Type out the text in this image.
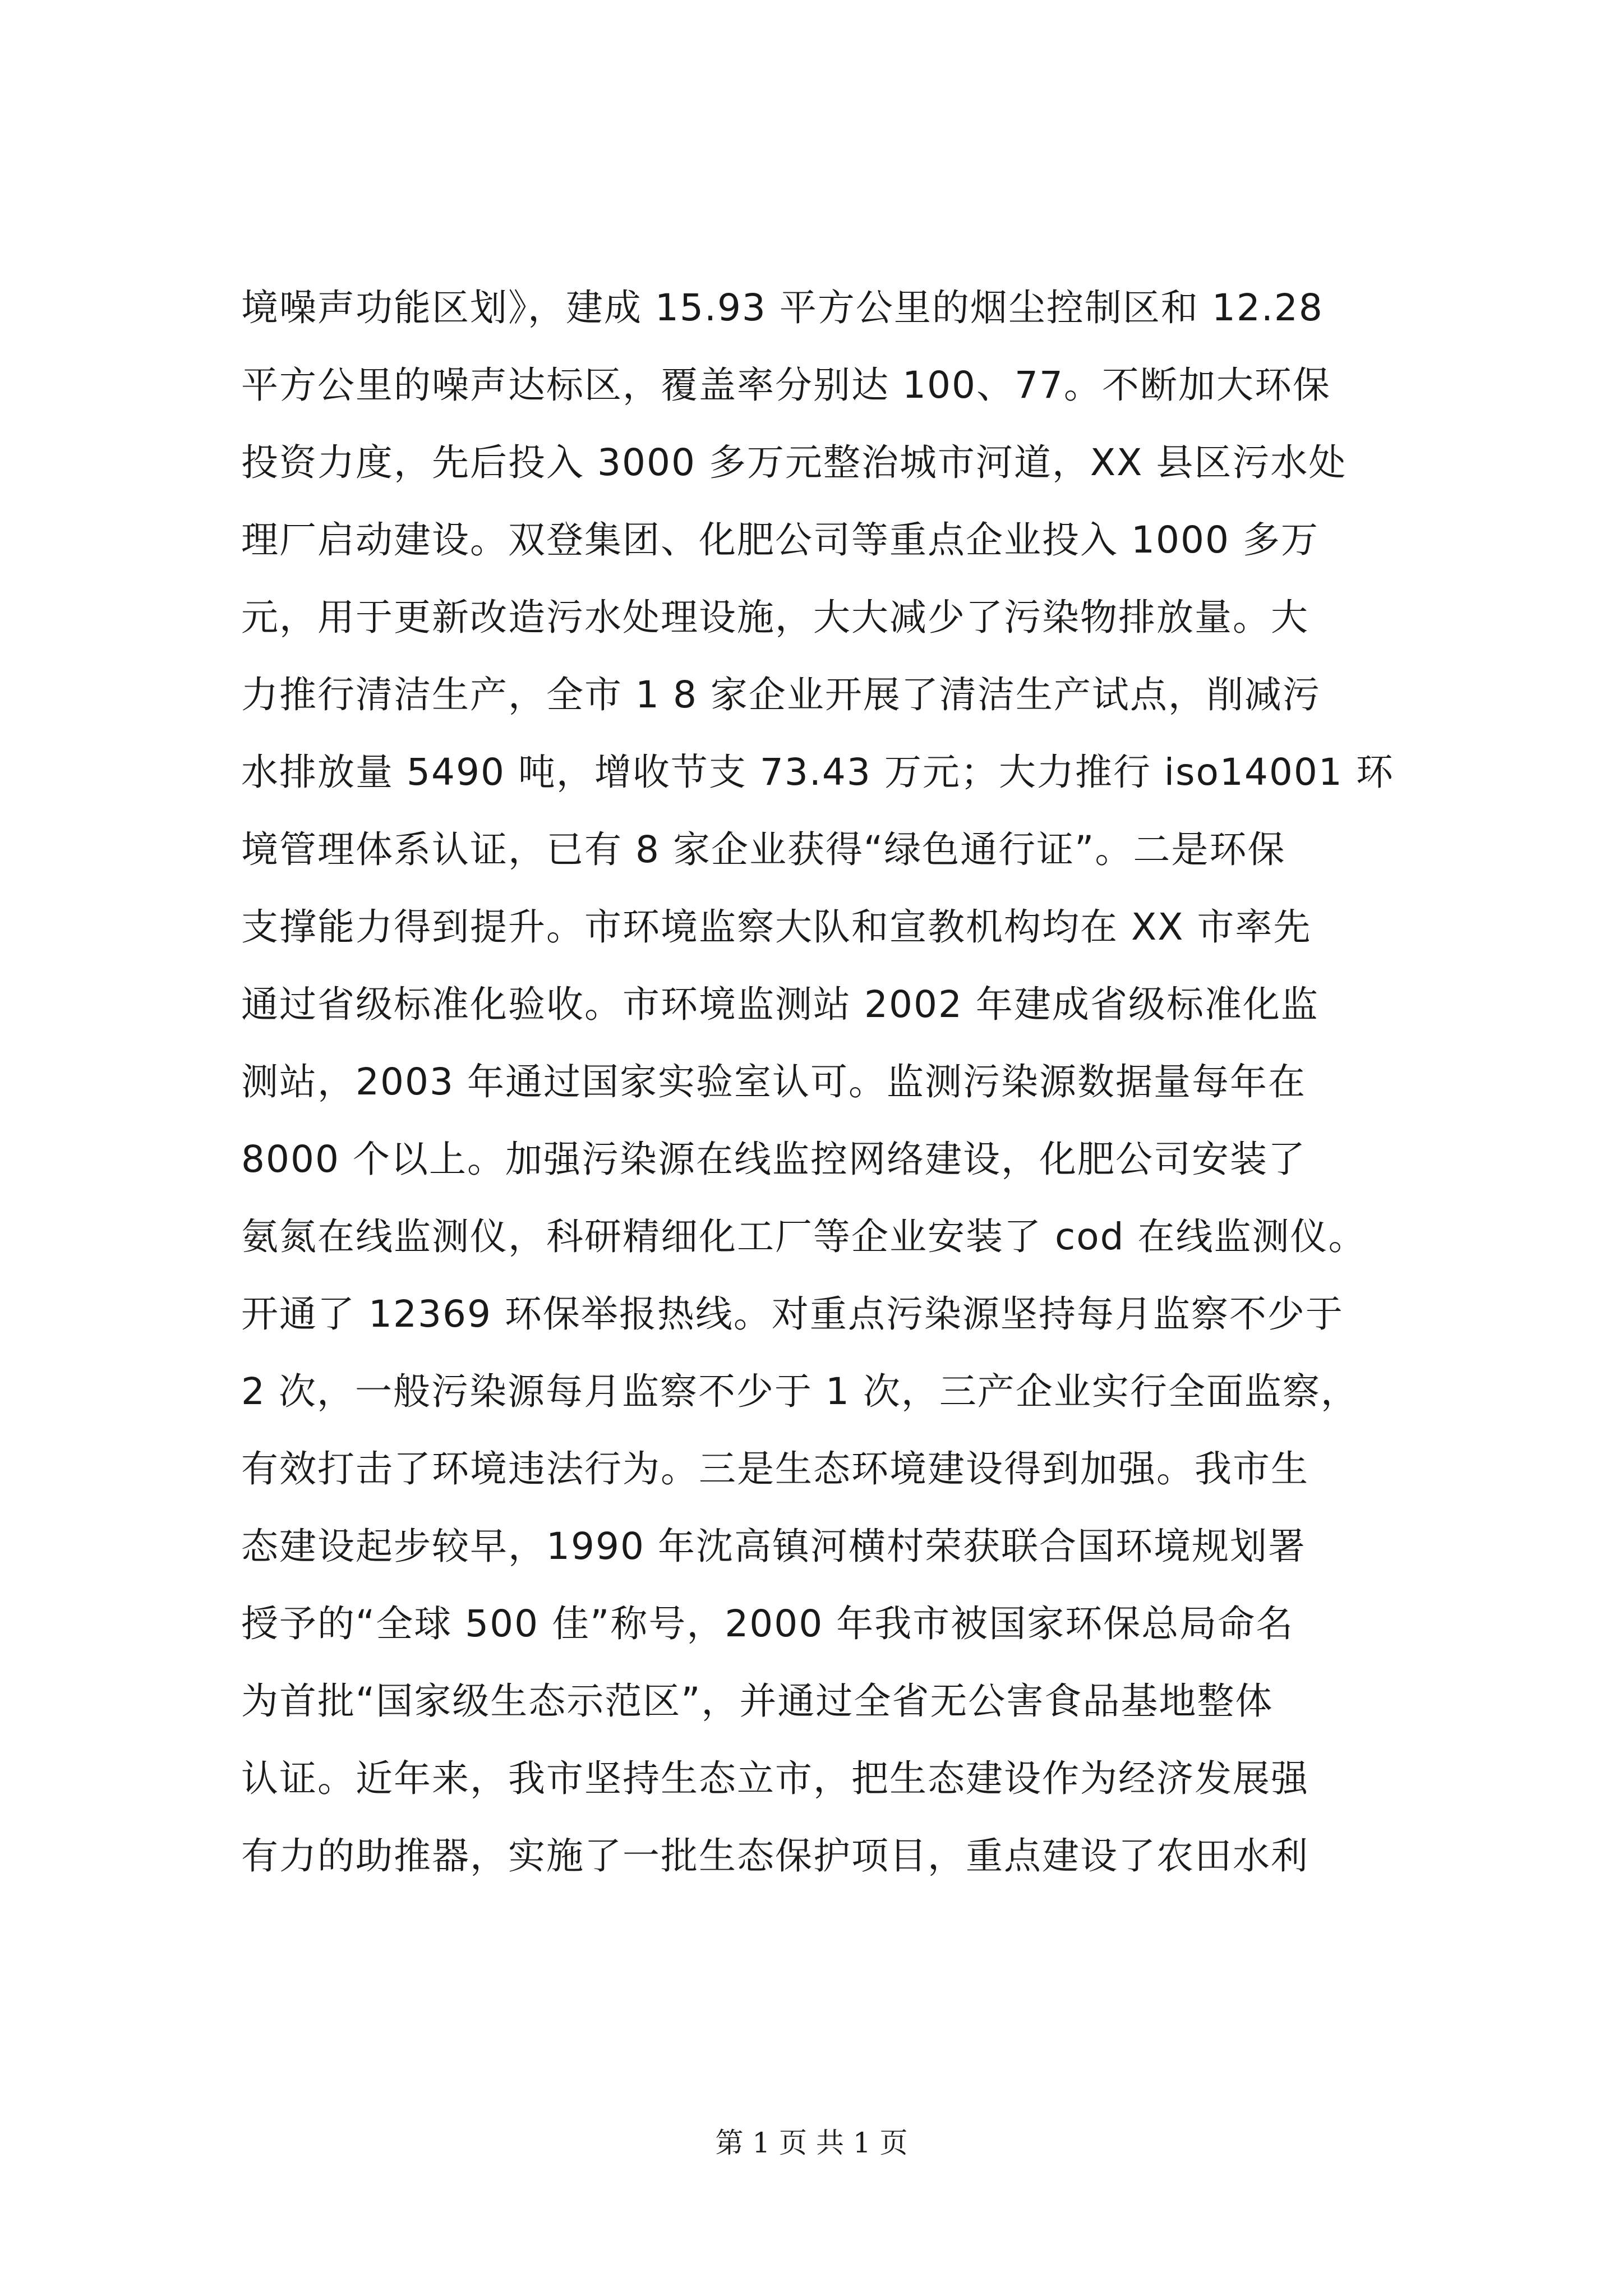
境噪声功能区划》，建成 15.93 平方公里的烟尘控制区和 12.28
平方公里的噪声达标区，覆盖率分别达 100、77。不断加大环保
投资力度，先后投入 3000 多万元整治城市河道，XX 县区污水处
理厂启动建设。双登集团、化肥公司等重点企业投入 1000 多万
元，用于更新改造污水处理设施，大大减少了污染物排放量。大
力推行清洁生产，全市 1 8 家企业开展了清洁生产试点，削减污
水排放量 5490 吨，增收节支 73.43 万元；大力推行 iso14001 环
境管理体系认证，已有 8 家企业获得“绿色通行证”。二是环保
支撑能力得到提升。市环境监察大队和宣教机构均在 XX 市率先
通过省级标准化验收。市环境监测站 2002 年建成省级标准化监
测站，2003 年通过国家实验室认可。监测污染源数据量每年在
8000 个以上。加强污染源在线监控网络建设，化肥公司安装了
氨氮在线监测仪，科研精细化工厂等企业安装了 cod 在线监测仪。
开通了 12369 环保举报热线。对重点污染源坚持每月监察不少于
2 次，一般污染源每月监察不少于 1 次，三产企业实行全面监察，
有效打击了环境违法行为。三是生态环境建设得到加强。我市生
态建设起步较早，1990 年沈高镇河横村荣获联合国环境规划署
授予的“全球 500 佳”称号，2000 年我市被国家环保总局命名
为首批“国家级生态示范区”，并通过全省无公害食品基地整体
认证。近年来，我市坚持生态立市，把生态建设作为经济发展强
有力的助推器，实施了一批生态保护项目，重点建设了农田水利
第 1 页 共 1 页
